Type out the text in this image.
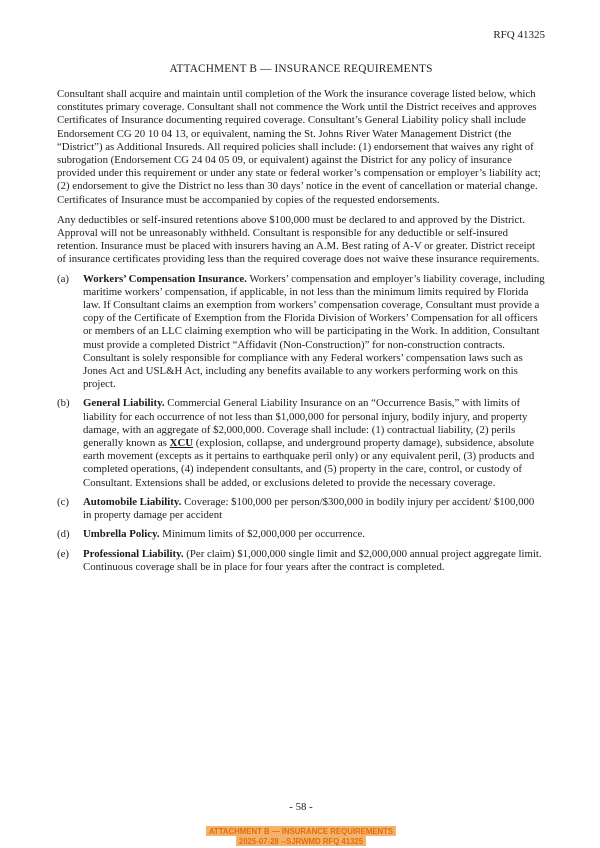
RFQ 41325
ATTACHMENT B — INSURANCE REQUIREMENTS
Consultant shall acquire and maintain until completion of the Work the insurance coverage listed below, which constitutes primary coverage. Consultant shall not commence the Work until the District receives and approves Certificates of Insurance documenting required coverage. Consultant’s General Liability policy shall include Endorsement CG 20 10 04 13, or equivalent, naming the St. Johns River Water Management District (the “District”) as Additional Insureds. All required policies shall include: (1) endorsement that waives any right of subrogation (Endorsement CG 24 04 05 09, or equivalent) against the District for any policy of insurance provided under this requirement or under any state or federal worker’s compensation or employer’s liability act; (2) endorsement to give the District no less than 30 days’ notice in the event of cancellation or material change. Certificates of Insurance must be accompanied by copies of the requested endorsements.
Any deductibles or self-insured retentions above $100,000 must be declared to and approved by the District. Approval will not be unreasonably withheld. Consultant is responsible for any deductible or self-insured retention. Insurance must be placed with insurers having an A.M. Best rating of A-V or greater. District receipt of insurance certificates providing less than the required coverage does not waive these insurance requirements.
(a)	Workers’ Compensation Insurance. Workers’ compensation and employer’s liability coverage, including maritime workers’ compensation, if applicable, in not less than the minimum limits required by Florida law. If Consultant claims an exemption from workers’ compensation coverage, Consultant must provide a copy of the Certificate of Exemption from the Florida Division of Workers’ Compensation for all officers or members of an LLC claiming exemption who will be participating in the Work. In addition, Consultant must provide a completed District “Affidavit (Non-Construction)” for non-construction contracts. Consultant is solely responsible for compliance with any Federal workers’ compensation laws such as Jones Act and USL&H Act, including any benefits available to any workers performing work on this project.
(b)	General Liability. Commercial General Liability Insurance on an “Occurrence Basis,” with limits of liability for each occurrence of not less than $1,000,000 for personal injury, bodily injury, and property damage, with an aggregate of $2,000,000. Coverage shall include: (1) contractual liability, (2) perils generally known as XCU (explosion, collapse, and underground property damage), subsidence, absolute earth movement (excepts as it pertains to earthquake peril only) or any equivalent peril, (3) products and completed operations, (4) independent consultants, and (5) property in the care, control, or custody of Consultant. Extensions shall be added, or exclusions deleted to provide the necessary coverage.
(c)	Automobile Liability. Coverage: $100,000 per person/$300,000 in bodily injury per accident/ $100,000 in property damage per accident
(d)	Umbrella Policy. Minimum limits of $2,000,000 per occurrence.
(e)	Professional Liability. (Per claim) $1,000,000 single limit and $2,000,000 annual project aggregate limit. Continuous coverage shall be in place for four years after the contract is completed.
- 58 -
ATTACHMENT B — INSURANCE REQUIREMENTS
2025-07-28 --SJRWMD RFQ 41325
